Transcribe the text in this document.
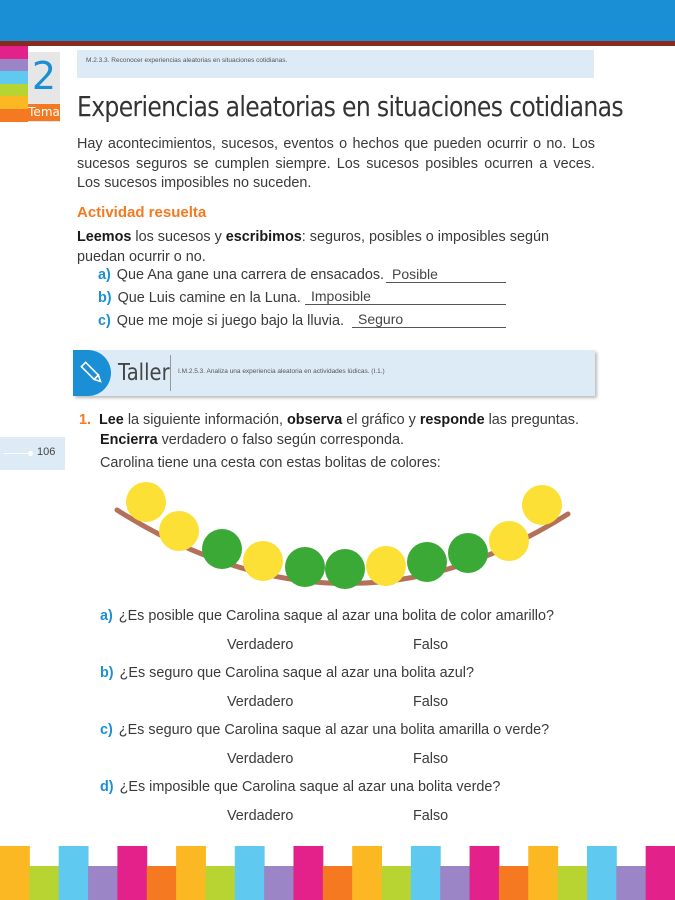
2
Tema
M.2.3.3. Reconocer experiencias aleatorias en situaciones cotidianas.
Experiencias aleatorias en situaciones cotidianas
Hay acontecimientos, sucesos, eventos o hechos que pueden ocurrir o no. Los sucesos seguros se cumplen siempre. Los sucesos posibles ocurren a veces. Los sucesos imposibles no suceden.
Actividad resuelta
Leemos los sucesos y escribimos: seguros, posibles o imposibles según puedan ocurrir o no.
a) Que Ana gane una carrera de ensacados. Posible
b) Que Luis camine en la Luna. Imposible
c) Que me moje si juego bajo la lluvia.	Seguro
Taller I.M.2.5.3. Analiza una experiencia aleatoria en actividades lúdicas. (I.1.)
106
1. Lee la siguiente información, observa el gráfico y responde las preguntas.
Encierra verdadero o falso según corresponda.
Carolina tiene una cesta con estas bolitas de colores:
a) ¿Es posible que Carolina saque al azar una bolita de color amarillo?
Verdadero	Falso
b) ¿Es seguro que Carolina saque al azar una bolita azul?
Verdadero	Falso
c) ¿Es seguro que Carolina saque al azar una bolita amarilla o verde?
Verdadero	Falso
d) ¿Es imposible que Carolina saque al azar una bolita verde?
Verdadero	Falso
